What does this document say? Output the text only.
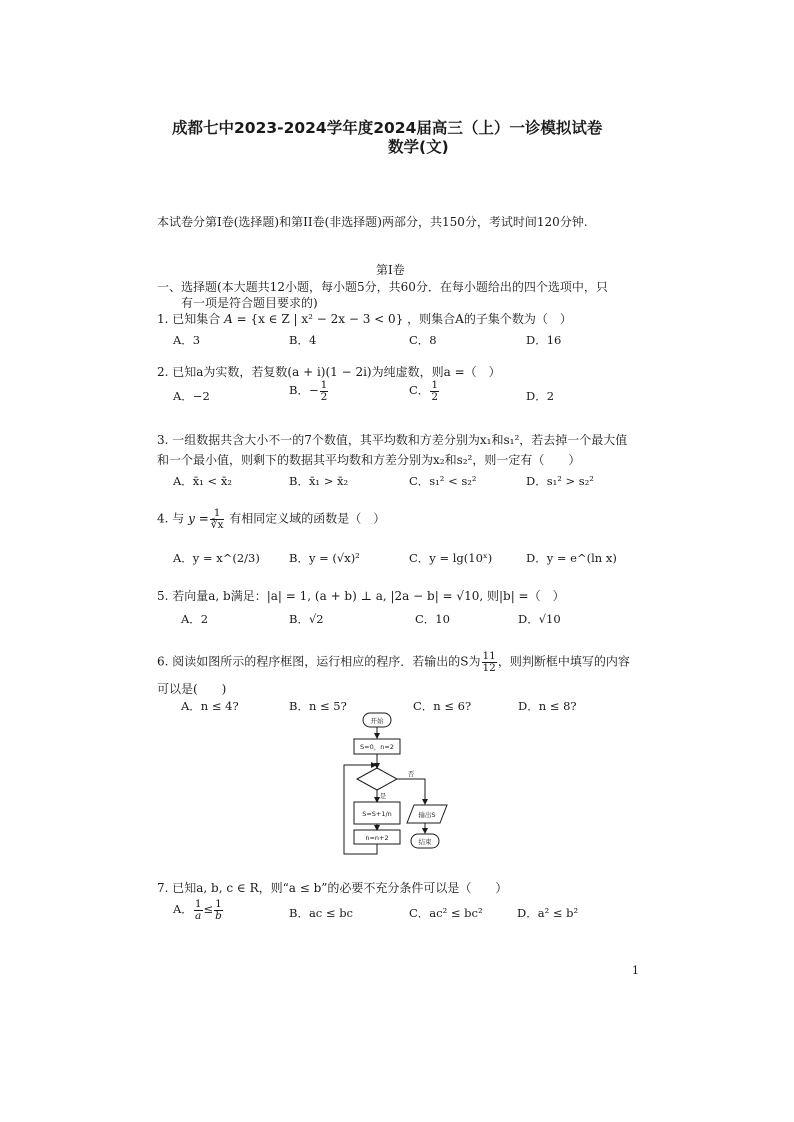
成都七中2023-2024学年度2024届高三（上）一诊模拟试卷
数学(文)
本试卷分第I卷(选择题)和第II卷(非选择题)两部分，共150分，考试时间120分钟.
第I卷
一、选择题(本大题共12小题，每小题5分，共60分．在每小题给出的四个选项中，只
有一项是符合题目要求的)
1. 已知集合 A = {x ∈ Z | x² − 2x − 3 < 0} ，则集合A的子集个数为（　）
A．3	B．4	C．8	D．16
2. 已知a为实数，若复数(a + i)(1 − 2i)为纯虚数，则a =（　）
A．−2	B．− $\frac{1}{2}$	C． $\frac{1}{2}$	D．2
3. 一组数据共含大小不一的7个数值，其平均数和方差分别为x₁和s₁²，若去掉一个最大值
和一个最小值，则剩下的数据其平均数和方差分别为x₂和s₂²，则一定有（　　）
A．x̄₁ < x̄₂	B．x̄₁ > x̄₂	C．s₁² < s₂²	D．s₁² > s₂²
4. 与 $y = \frac{1}{∛x}$ 有相同定义域的函数是（　）
A．y = x^(2/3)	B．y = (√x)²	C．y = lg(10ˣ)	D．y = e^(ln x)
5. 若向量a, b满足：|a| = 1, (a + b) ⊥ a, |2a − b| = √10, 则|b| =（　）
A．2	B．√2	C．10	D．√10
6. 阅读如图所示的程序框图，运行相应的程序．若输出的S为 $\frac{11}{12}$ ，则判断框中填写的内容
可以是(　　)
A．n ≤ 4?	B．n ≤ 5?	C．n ≤ 6?	D．n ≤ 8?
开始
S=0，n=2
是
否
S=S+1/n
n=n+2
输出S
结束
7. 已知a, b, c ∈ R，则“a ≤ b”的必要不充分条件可以是（　　）
A． $\frac{1}{a} \le \frac{1}{b}$	B．ac ≤ bc	C．ac² ≤ bc²	D．a² ≤ b²
1
